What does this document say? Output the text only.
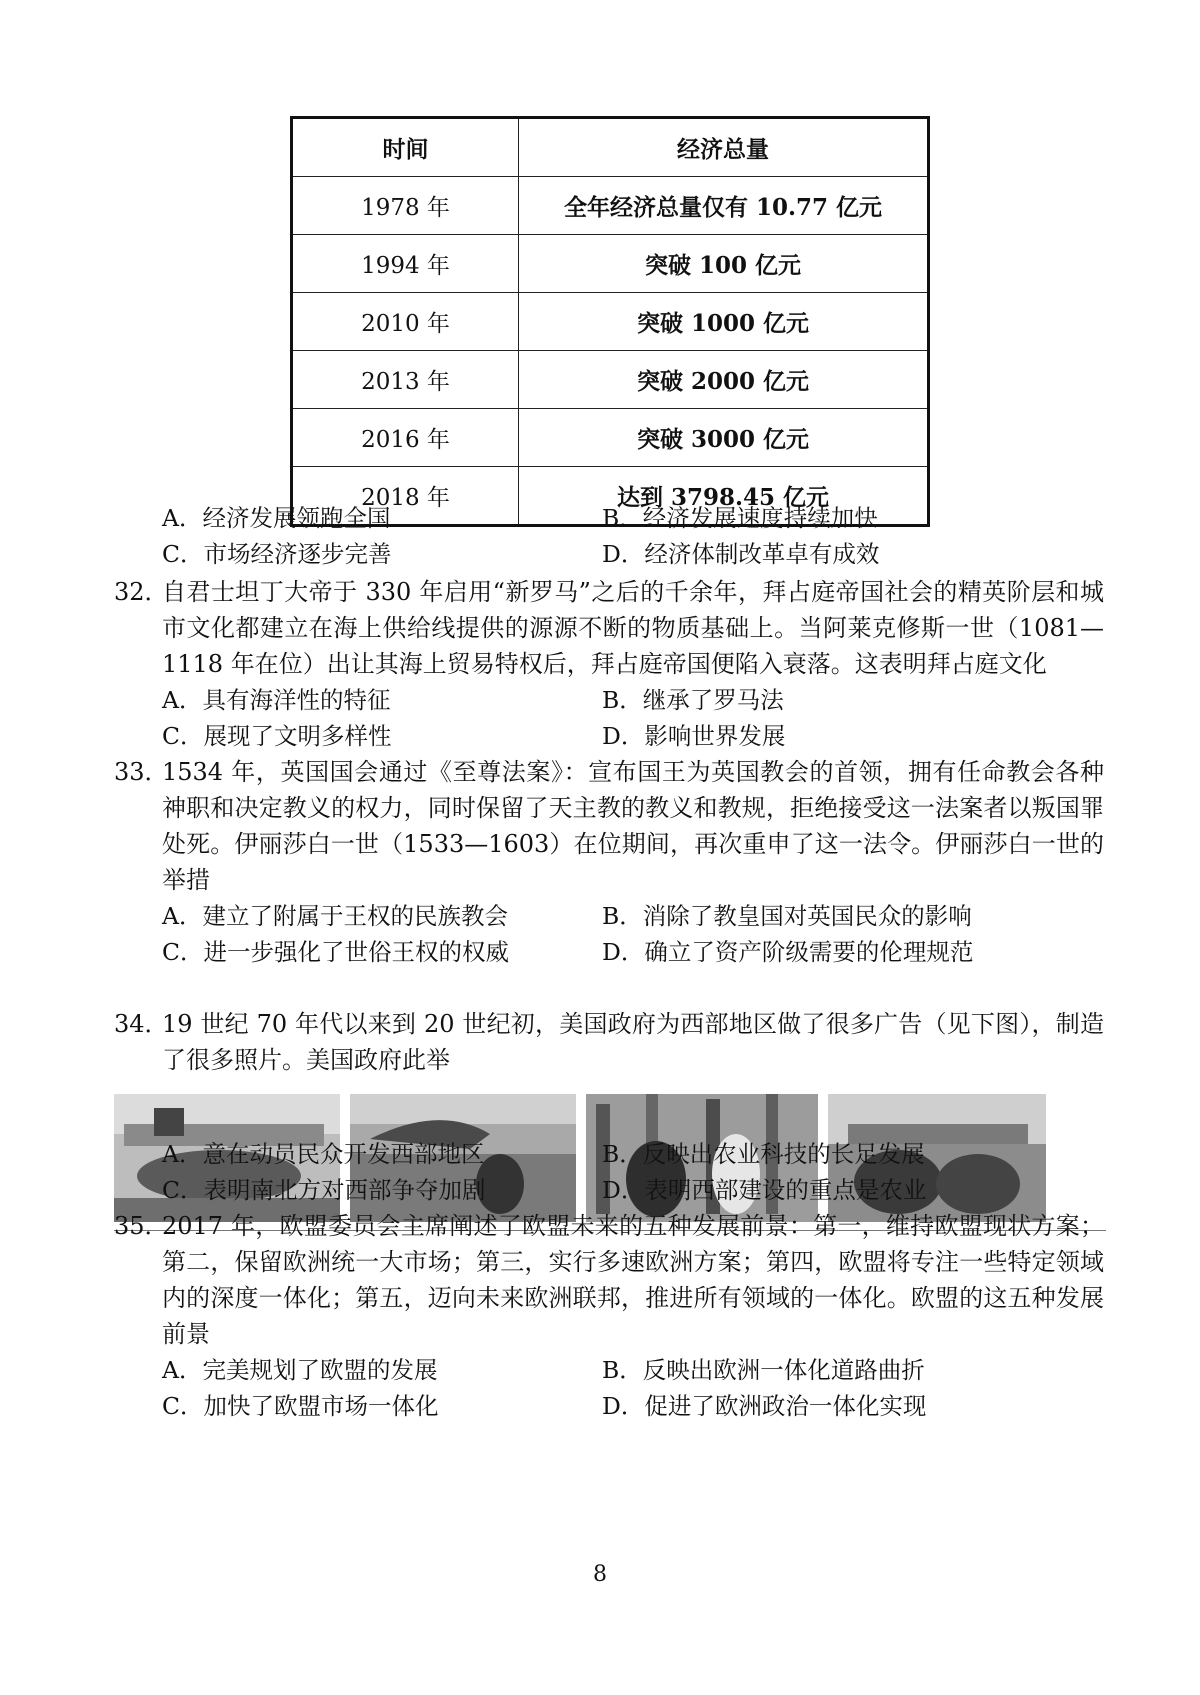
时间	经济总量
1978 年	全年经济总量仅有 10.77 亿元
1994 年	突破 100 亿元
2010 年	突破 1000 亿元
2013 年	突破 2000 亿元
2016 年	突破 3000 亿元
2018 年	达到 3798.45 亿元
A．经济发展领跑全国	B．经济发展速度持续加快
C．市场经济逐步完善	D．经济体制改革卓有成效
32．
自君士坦丁大帝于 330 年启用“新罗马”之后的千余年，拜占庭帝国社会的精英阶层和城市文化都建立在海上供给线提供的源源不断的物质基础上。当阿莱克修斯一世（1081—1118 年在位）出让其海上贸易特权后，拜占庭帝国便陷入衰落。这表明拜占庭文化
A．具有海洋性的特征	B．继承了罗马法
C．展现了文明多样性	D．影响世界发展
33．
1534 年，英国国会通过《至尊法案》：宣布国王为英国教会的首领，拥有任命教会各种神职和决定教义的权力，同时保留了天主教的教义和教规，拒绝接受这一法案者以叛国罪处死。伊丽莎白一世（1533—1603）在位期间，再次重申了这一法令。伊丽莎白一世的举措
A．建立了附属于王权的民族教会	B．消除了教皇国对英国民众的影响
C．进一步强化了世俗王权的权威	D．确立了资产阶级需要的伦理规范
34．
19 世纪 70 年代以来到 20 世纪初，美国政府为西部地区做了很多广告（见下图），制造了很多照片。美国政府此举
A．意在动员民众开发西部地区	B．反映出农业科技的长足发展
C．表明南北方对西部争夺加剧	D．表明西部建设的重点是农业
35．
2017 年，欧盟委员会主席阐述了欧盟未来的五种发展前景：第一，维持欧盟现状方案；第二，保留欧洲统一大市场；第三，实行多速欧洲方案；第四，欧盟将专注一些特定领域内的深度一体化；第五，迈向未来欧洲联邦，推进所有领域的一体化。欧盟的这五种发展前景
A．完美规划了欧盟的发展	B．反映出欧洲一体化道路曲折
C．加快了欧盟市场一体化	D．促进了欧洲政治一体化实现
8
